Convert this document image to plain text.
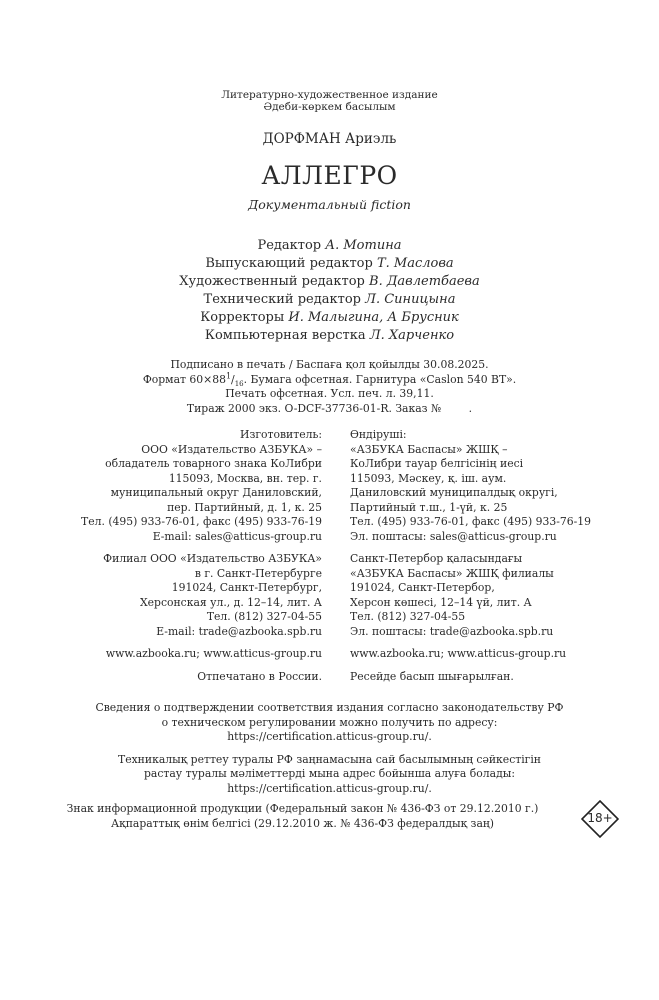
Литературно-художественное издание
Әдеби-көркем басылым
ДОРФМАН Ариэль
АЛЛЕГРО
Документальный fiction
Редактор А. Мотина
Выпускающий редактор Т. Маслова
Художественный редактор В. Давлетбаева
Технический редактор Л. Синицына
Корректоры И. Малыгина, А Брусник
Компьютерная верстка Л. Харченко
Подписано в печать / Баспаға қол қойылды 30.08.2025.
Формат $60\times 88^1/_{16}$. Бумага офсетная. Гарнитура «Caslon 540 BT».
Печать офсетная. Усл. печ. л. 39,11.
Тираж 2000 экз. O-DCF-37736-01-R. Заказ №        .
Изготовитель:	Өндіруші:
ООО «Издательство АЗБУКА» –	«АЗБУКА Баспасы» ЖШҚ –
обладатель товарного знака КоЛибри	КоЛибри тауар белгісінің иесі
115093, Москва, вн. тер. г.	115093, Мәскеу, қ. іш. аум.
муниципальный округ Даниловский,	Даниловский муниципалдық округі,
пер. Партийный, д. 1, к. 25	Партийный т.ш., 1-үй, к. 25
Тел. (495) 933-76-01, факс (495) 933-76-19	Тел. (495) 933-76-01, факс (495) 933-76-19
E-mail: sales@atticus-group.ru	Эл. поштасы: sales@atticus-group.ru
Филиал ООО «Издательство АЗБУКА»	Санкт-Петербор қаласындағы
в г. Санкт-Петербурге	«АЗБУКА Баспасы» ЖШҚ филиалы
191024, Санкт-Петербург,	191024, Санкт-Петербор,
Херсонская ул., д. 12–14, лит. А	Херсон көшесі, 12–14 үй, лит. А
Тел. (812) 327-04-55	Тел. (812) 327-04-55
E-mail: trade@azbooka.spb.ru	Эл. поштасы: trade@azbooka.spb.ru
www.azbooka.ru; www.atticus-group.ru	www.azbooka.ru; www.atticus-group.ru
Отпечатано в России.	Ресейде басып шығарылған.
Сведения о подтверждении соответствия издания согласно законодательству РФ
о техническом регулировании можно получить по адресу:
https://certification.atticus-group.ru/.
Техникалық реттеу туралы РФ заңнамасына сай басылымның сәйкестігін
растау туралы мәліметтерді мына адрес бойынша алуға болады:
https://certification.atticus-group.ru/.
Знак информационной продукции (Федеральный закон № 436-ФЗ от 29.12.2010 г.)
Ақпараттық өнім белгісі (29.12.2010 ж. № 436-ФЗ федералдық заң)	18+
